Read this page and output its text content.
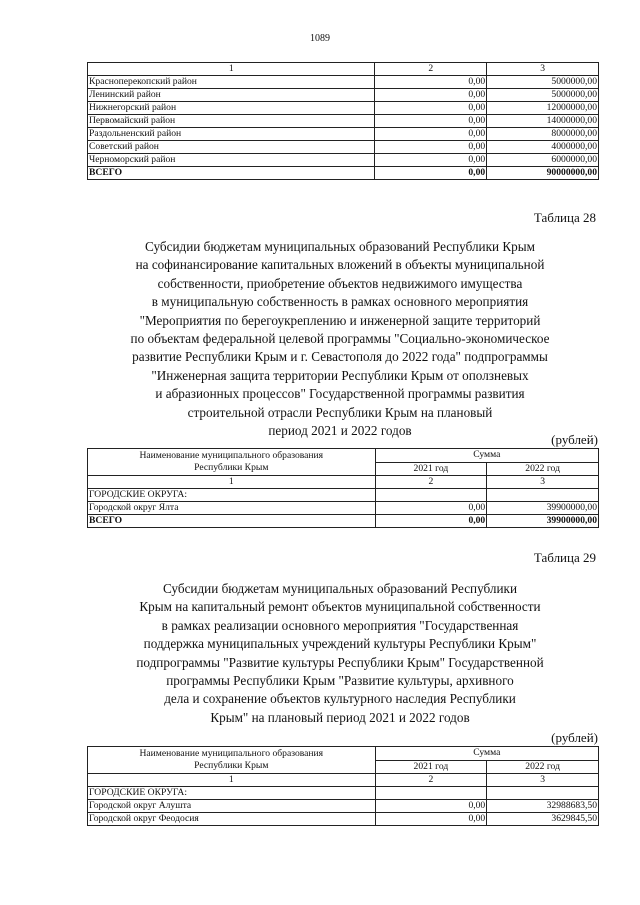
1089
1	2	3
Красноперекопский район	0,00	5000000,00
Ленинский район	0,00	5000000,00
Нижнегорский район	0,00	12000000,00
Первомайский район	0,00	14000000,00
Раздольненский район	0,00	8000000,00
Советский район	0,00	4000000,00
Черноморский район	0,00	6000000,00
ВСЕГО	0,00	90000000,00
Таблица 28
Субсидии бюджетам муниципальных образований Республики Крым
на софинансирование капитальных вложений в объекты муниципальной
собственности, приобретение объектов недвижимого имущества
в муниципальную собственность в рамках основного мероприятия
"Мероприятия по берегоукреплению и инженерной защите территорий
по объектам федеральной целевой программы "Социально-экономическое
развитие Республики Крым и г. Севастополя до 2022 года" подпрограммы
"Инженерная защита территории Республики Крым от оползневых
и абразионных процессов" Государственной программы развития
строительной отрасли Республики Крым на плановый
период 2021 и 2022 годов
(рублей)
Наименование муниципального образования
Республики Крым	Сумма	
	2021 год	2022 год
1	2	3
ГОРОДСКИЕ ОКРУГА:		
Городской округ Ялта	0,00	39900000,00
ВСЕГО	0,00	39900000,00
Таблица 29
Субсидии бюджетам муниципальных образований Республики
Крым на капитальный ремонт объектов муниципальной собственности
в рамках реализации основного мероприятия "Государственная
поддержка муниципальных учреждений культуры Республики Крым"
подпрограммы "Развитие культуры Республики Крым" Государственной
программы Республики Крым "Развитие культуры, архивного
дела и сохранение объектов культурного наследия Республики
Крым" на плановый период 2021 и 2022 годов
(рублей)
Наименование муниципального образования
Республики Крым	Сумма	
	2021 год	2022 год
1	2	3
ГОРОДСКИЕ ОКРУГА:		
Городской округ Алушта	0,00	32988683,50
Городской округ Феодосия	0,00	3629845,50
